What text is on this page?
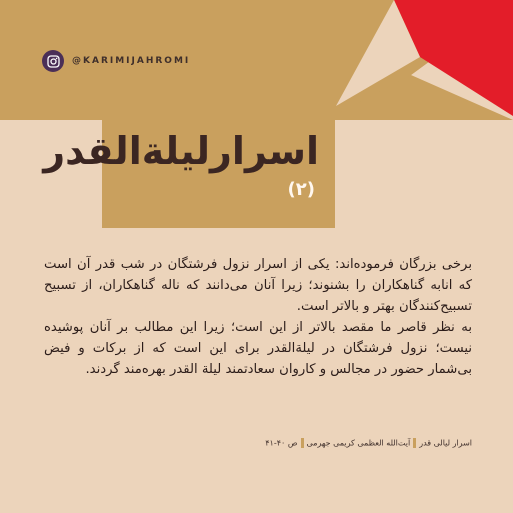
@KARIMIJAHROMI
اسرارلیلةالقدر
(۲)

برخی بزرگان فرموده‌اند: یکی از اسرار نزول فرشتگان در شب قدر آن است که انابه گناهکاران را بشنوند؛ زیرا آنان می‌دانند که ناله گناهکاران، از تسبیح تسبیح‌کنندگان بهتر و بالاتر است.

به نظر قاصر ما مقصد بالاتر از این است؛ زیرا این مطالب بر آنان پوشیده نیست؛ نزول فرشتگان در لیلةالقدر برای این است که از برکات و فیض بی‌شمار حضور در مجالس و کاروان سعادتمند لیلة القدر بهره‌مند گردند.

اسرار لیالی قدرآیت‌الله العظمی کریمی جهرمیص ۴۰-۴۱
